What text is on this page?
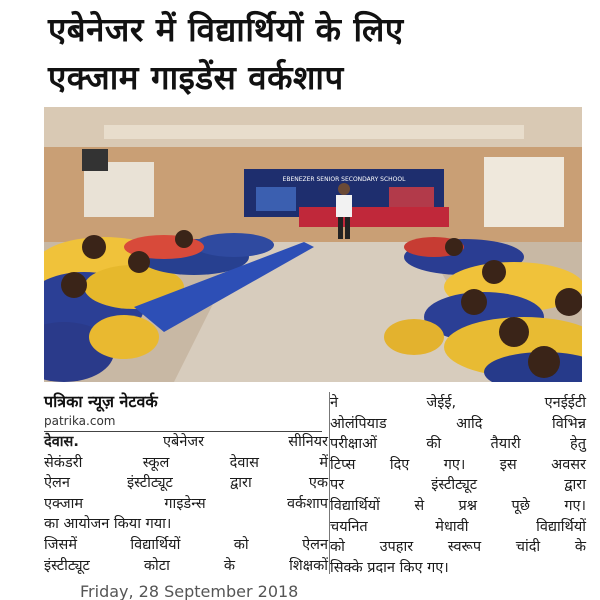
एबेनेजर में विद्यार्थियों के लिए
एक्जाम गाइडेंस वर्कशाप
EBENEZER SENIOR SECONDARY SCHOOL
पत्रिका न्यूज़ नेटवर्क
patrika.com
देवास. एबेनेजर सीनियर
सेकंडरी स्कूल देवास में
ऐलन इंस्टीट्यूट द्वारा एक
एक्जाम गाइडेन्स वर्कशाप
का आयोजन किया गया।
जिसमें विद्यार्थियों को ऐलन
इंस्टीट्यूट कोटा के शिक्षकों
ने जेईई, एनईईटी
ओलंपियाड आदि विभिन्न
परीक्षाओं की तैयारी हेतु
टिप्स दिए गए। इस अवसर
पर इंस्टीट्यूट द्वारा
विद्यार्थियों से प्रश्न पूछे गए।
चयनित मेधावी विद्यार्थियों
को उपहार स्वरूप चांदी के
सिक्के प्रदान किए गए।
Friday, 28 September 2018
